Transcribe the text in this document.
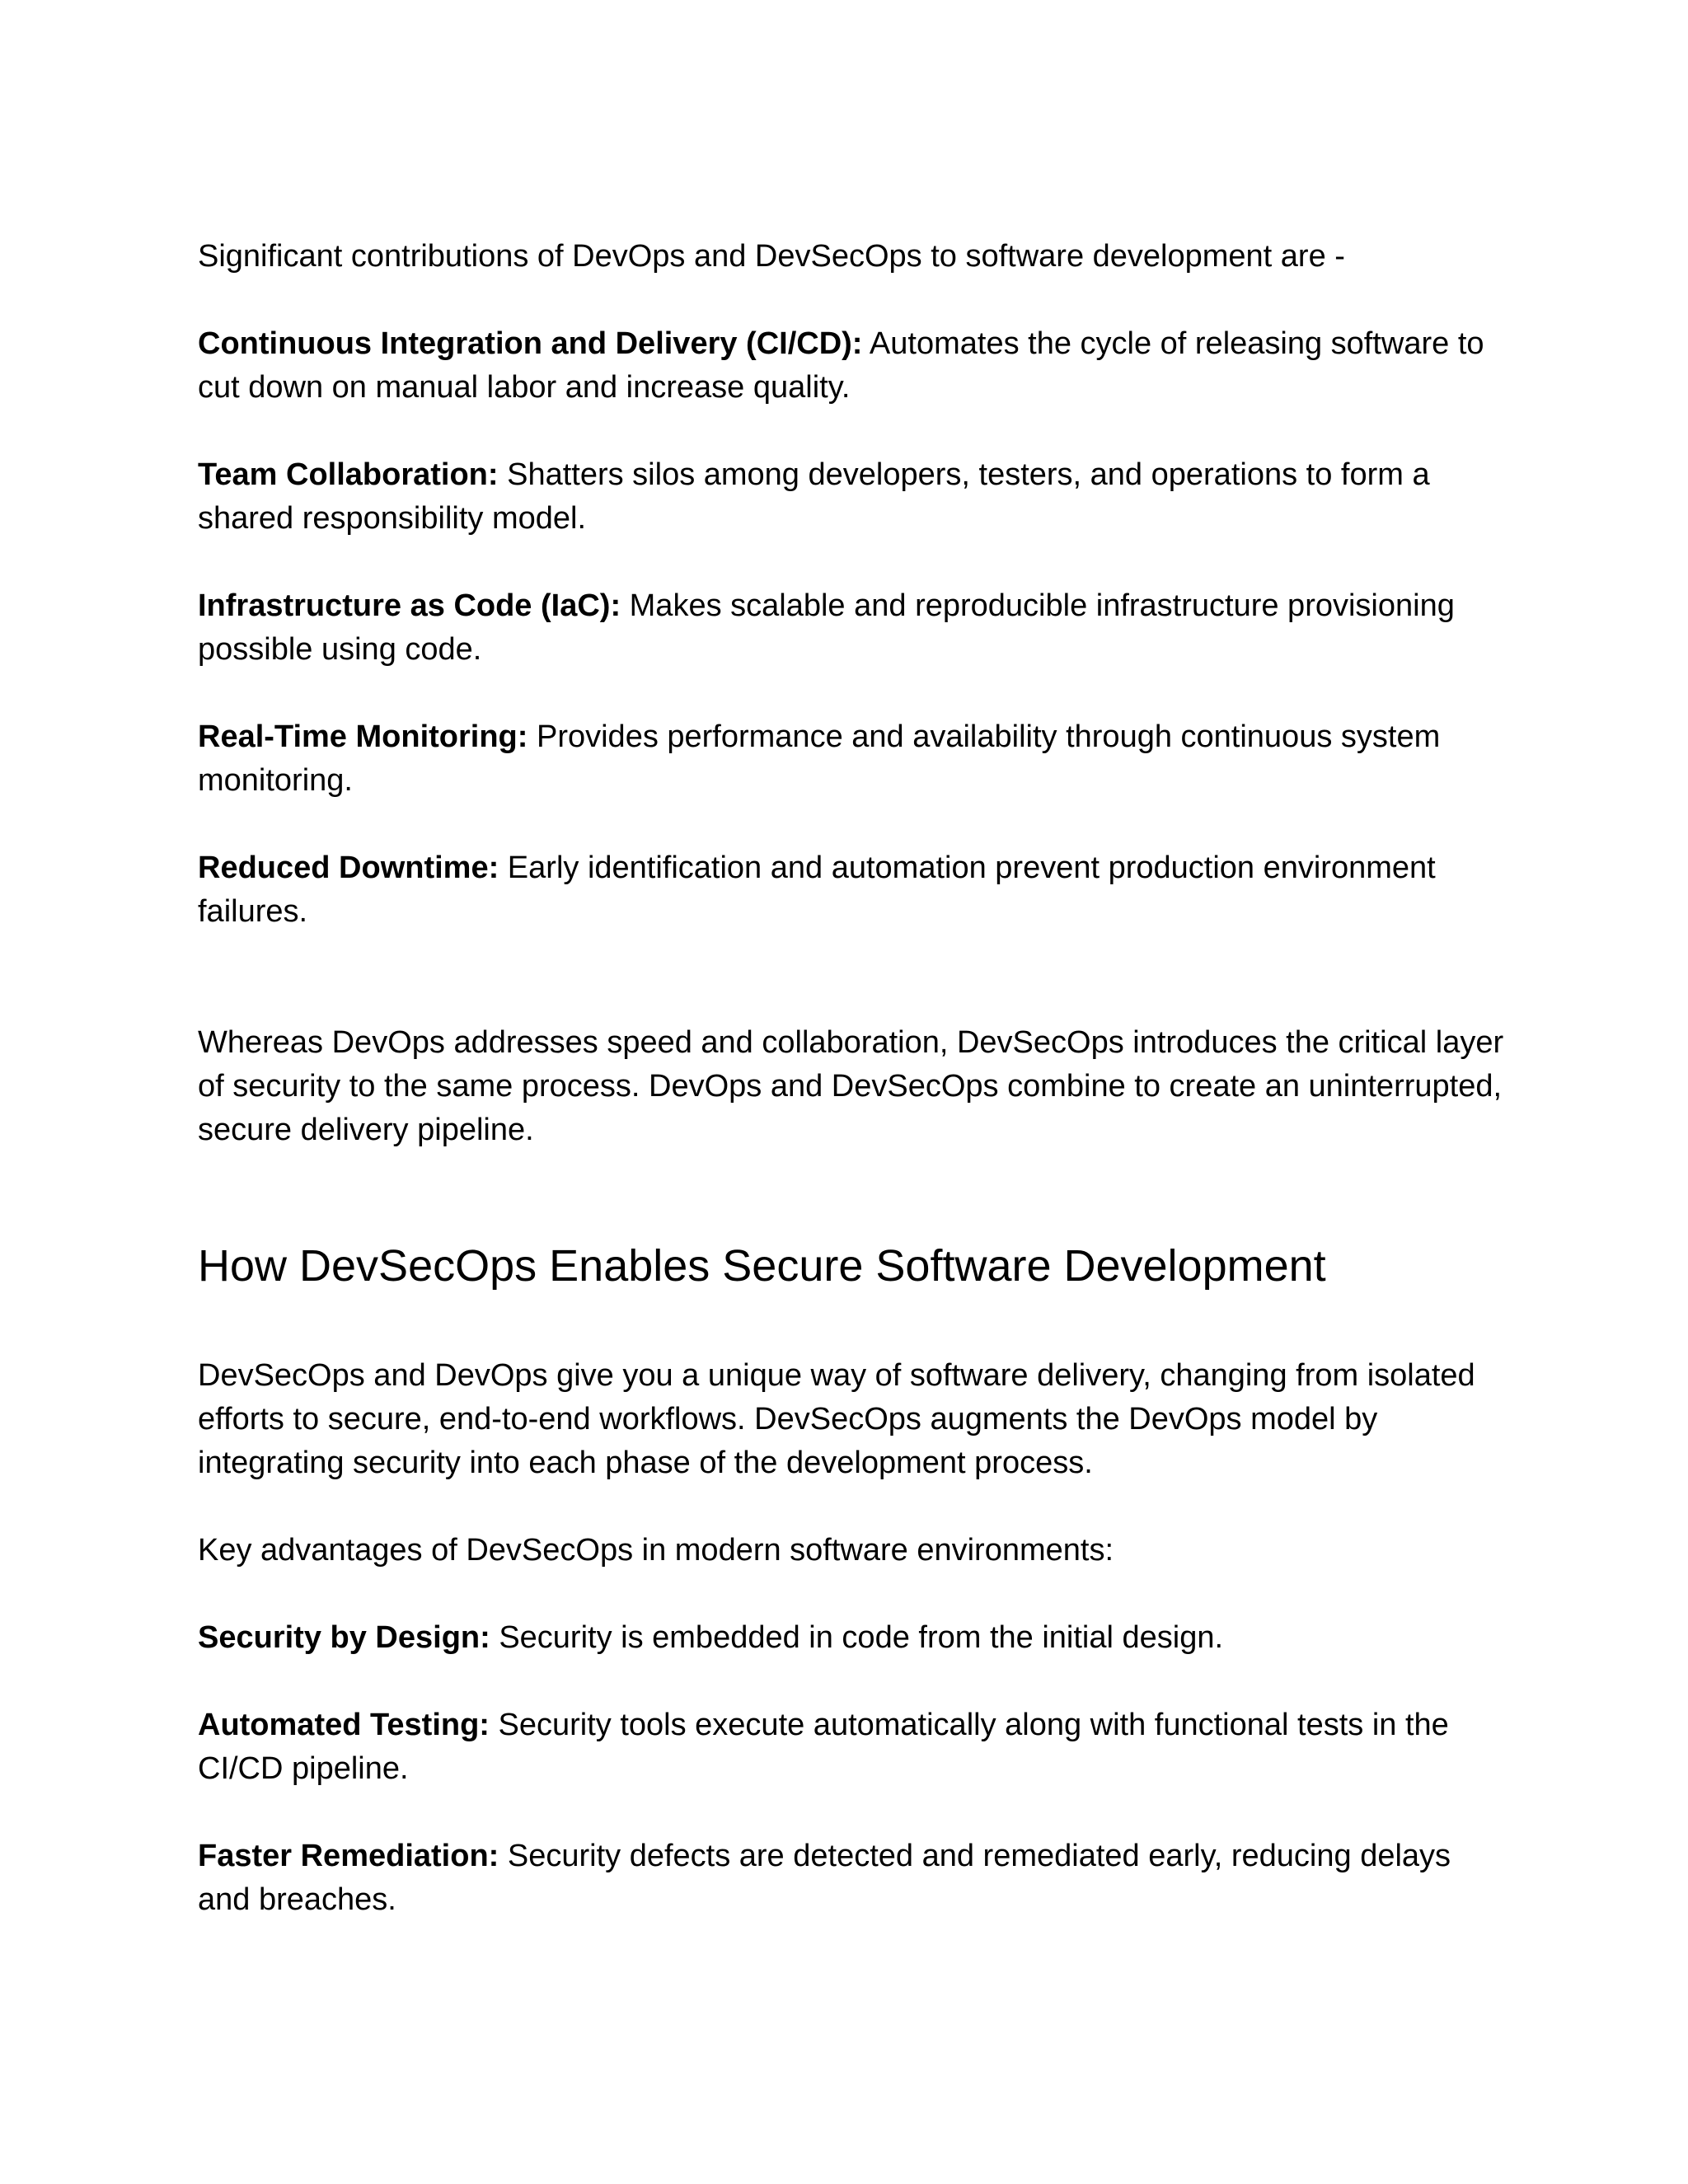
Significant contributions of DevOps and DevSecOps to software development are -

Continuous Integration and Delivery (CI/CD): Automates the cycle of releasing software to cut down on manual labor and increase quality.

Team Collaboration: Shatters silos among developers, testers, and operations to form a shared responsibility model.

Infrastructure as Code (IaC): Makes scalable and reproducible infrastructure provisioning possible using code.

Real-Time Monitoring: Provides performance and availability through continuous system monitoring.

Reduced Downtime: Early identification and automation prevent production environment failures.

Whereas DevOps addresses speed and collaboration, DevSecOps introduces the critical layer of security to the same process. DevOps and DevSecOps combine to create an uninterrupted, secure delivery pipeline.

How DevSecOps Enables Secure Software Development

DevSecOps and DevOps give you a unique way of software delivery, changing from isolated efforts to secure, end-to-end workflows. DevSecOps augments the DevOps model by integrating security into each phase of the development process.

Key advantages of DevSecOps in modern software environments:

Security by Design: Security is embedded in code from the initial design.

Automated Testing: Security tools execute automatically along with functional tests in the CI/CD pipeline.

Faster Remediation: Security defects are detected and remediated early, reducing delays and breaches.
